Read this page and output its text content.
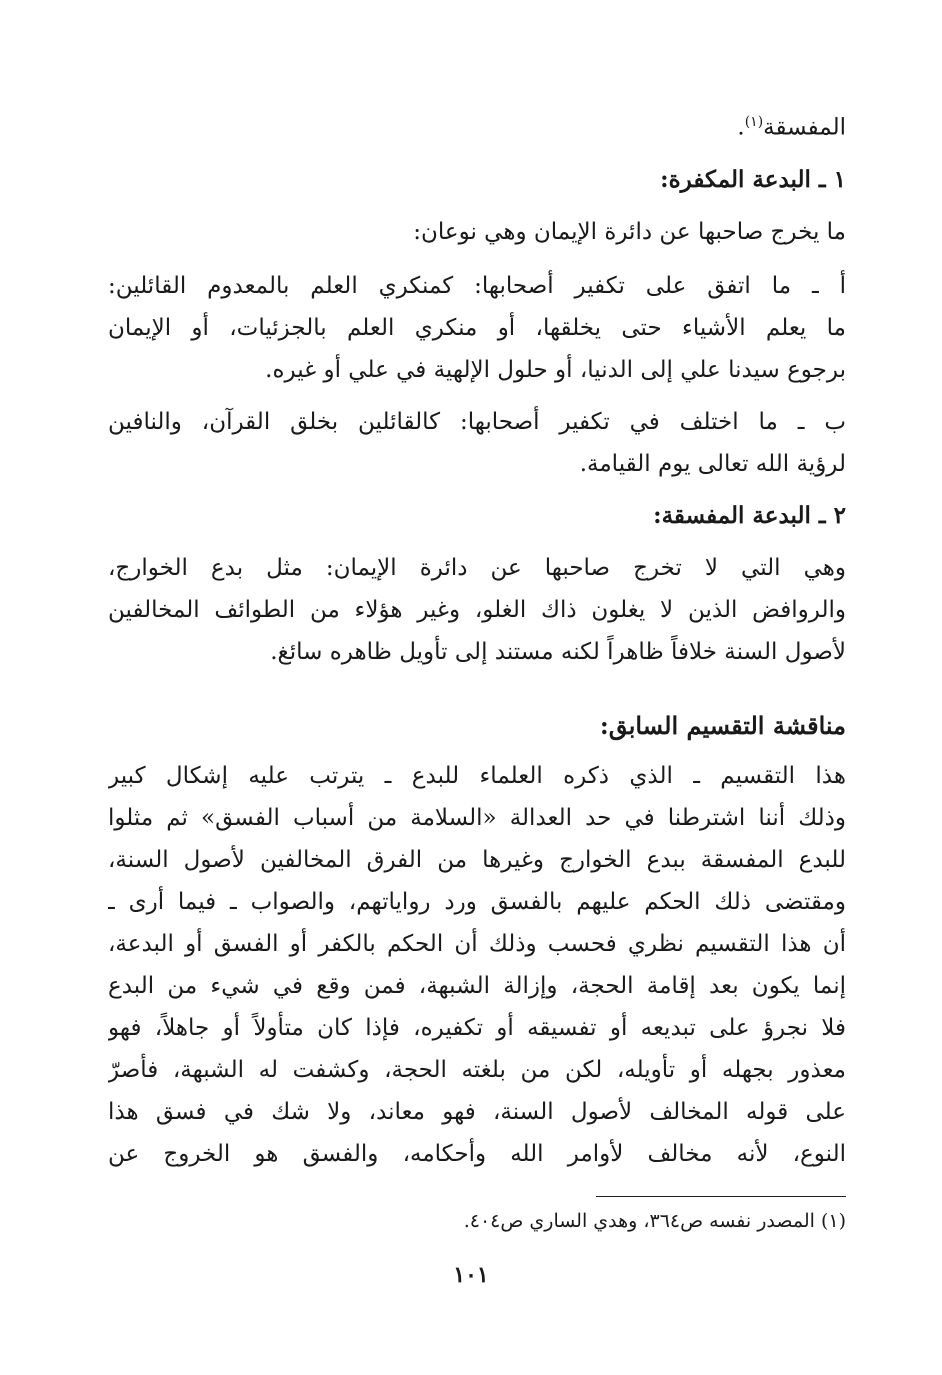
المفسقة$^{(١)}$.
١ ـ البدعة المكفرة:
ما يخرج صاحبها عن دائرة الإيمان وهي نوعان:
أ ـ ما اتفق على تكفير أصحابها: كمنكري العلم بالمعدوم القائلين:
ما يعلم الأشياء حتى يخلقها، أو منكري العلم بالجزئيات، أو الإيمان
برجوع سيدنا علي إلى الدنيا، أو حلول الإلهية في علي أو غيره.
ب ـ ما اختلف في تكفير أصحابها: كالقائلين بخلق القرآن، والنافين
لرؤية الله تعالى يوم القيامة.
٢ ـ البدعة المفسقة:
وهي التي لا تخرج صاحبها عن دائرة الإيمان: مثل بدع الخوارج،
والروافض الذين لا يغلون ذاك الغلو، وغير هؤلاء من الطوائف المخالفين
لأصول السنة خلافاً ظاهراً لكنه مستند إلى تأويل ظاهره سائغ.
مناقشة التقسيم السابق:
هذا التقسيم ـ الذي ذكره العلماء للبدع ـ يترتب عليه إشكال كبير
وذلك أننا اشترطنا في حد العدالة «السلامة من أسباب الفسق» ثم مثلوا
للبدع المفسقة ببدع الخوارج وغيرها من الفرق المخالفين لأصول السنة،
ومقتضى ذلك الحكم عليهم بالفسق ورد رواياتهم، والصواب ـ فيما أرى ـ
أن هذا التقسيم نظري فحسب وذلك أن الحكم بالكفر أو الفسق أو البدعة،
إنما يكون بعد إقامة الحجة، وإزالة الشبهة، فمن وقع في شيء من البدع
فلا نجرؤ على تبديعه أو تفسيقه أو تكفيره، فإذا كان متأولاً أو جاهلاً، فهو
معذور بجهله أو تأويله، لكن من بلغته الحجة، وكشفت له الشبهة، فأصرّ
على قوله المخالف لأصول السنة، فهو معاند، ولا شك في فسق هذا
النوع، لأنه مخالف لأوامر الله وأحكامه، والفسق هو الخروج عن
(١) المصدر نفسه ص٣٦٤، وهدي الساري ص٤٠٤.
١٠١
